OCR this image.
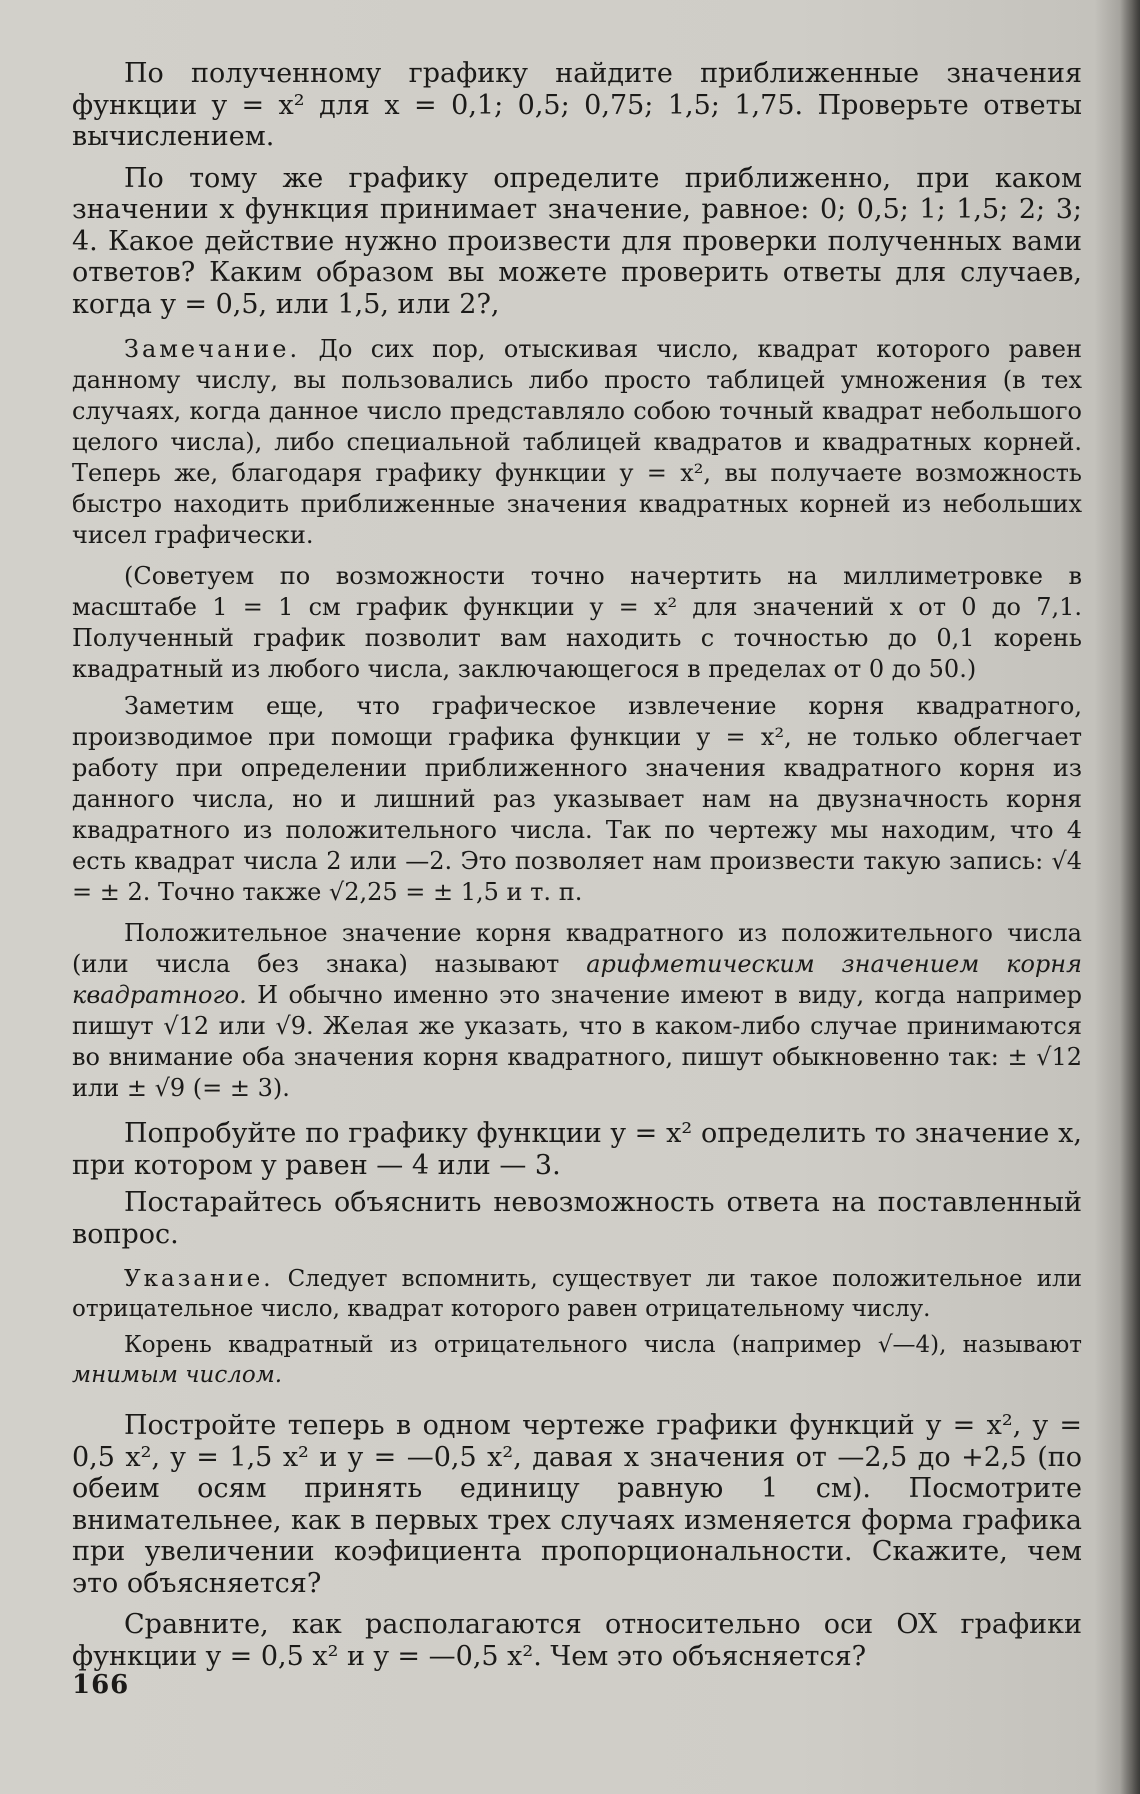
По полученному графику найдите приближенные значения функции y = x² для x = 0,1; 0,5; 0,75; 1,5; 1,75. Проверьте ответы вычислением.

По тому же графику определите приближенно, при каком значении x функция принимает значение, равное: 0; 0,5; 1; 1,5; 2; 3; 4. Какое действие нужно произвести для проверки полученных вами ответов? Каким образом вы можете проверить ответы для случаев, когда y = 0,5, или 1,5, или 2?,

Замечание. До сих пор, отыскивая число, квадрат которого равен данному числу, вы пользовались либо просто таблицей умножения (в тех случаях, когда данное число представляло собою точный квадрат небольшого целого числа), либо специальной таблицей квадратов и квадратных корней. Теперь же, благодаря графику функции y = x², вы получаете возможность быстро находить приближенные значения квадратных корней из небольших чисел графически.

(Советуем по возможности точно начертить на миллиметровке в масштабе 1 = 1 см график функции y = x² для значений x от 0 до 7,1. Полученный график позволит вам находить с точностью до 0,1 корень квадратный из любого числа, заключающегося в пределах от 0 до 50.)

Заметим еще, что графическое извлечение корня квадратного, производимое при помощи графика функции y = x², не только облегчает работу при определении приближенного значения квадратного корня из данного числа, но и лишний раз указывает нам на двузначность корня квадратного из положительного числа. Так по чертежу мы находим, что 4 есть квадрат числа 2 или —2. Это позволяет нам произвести такую запись: √4 = ± 2. Точно также √2,25 = ± 1,5 и т. п.

Положительное значение корня квадратного из положительного числа (или числа без знака) называют арифметическим значением корня квадратного. И обычно именно это значение имеют в виду, когда например пишут √12 или √9. Желая же указать, что в каком-либо случае принимаются во внимание оба значения корня квадратного, пишут обыкновенно так: ± √12 или ± √9 (= ± 3).

Попробуйте по графику функции y = x² определить то значение x, при котором y равен — 4 или — 3.

Постарайтесь объяснить невозможность ответа на поставленный вопрос.

Указание. Следует вспомнить, существует ли такое положительное или отрицательное число, квадрат которого равен отрицательному числу.

Корень квадратный из отрицательного числа (например √—4), называют мнимым числом.

Постройте теперь в одном чертеже графики функций y = x², y = 0,5 x², y = 1,5 x² и y = —0,5 x², давая x значения от —2,5 до +2,5 (по обеим осям принять единицу равную 1 см). Посмотрите внимательнее, как в первых трех случаях изменяется форма графика при увеличении коэфициента пропорциональности. Скажите, чем это объясняется?

Сравните, как располагаются относительно оси OX графики функции y = 0,5 x² и y = —0,5 x². Чем это объясняется?

166
